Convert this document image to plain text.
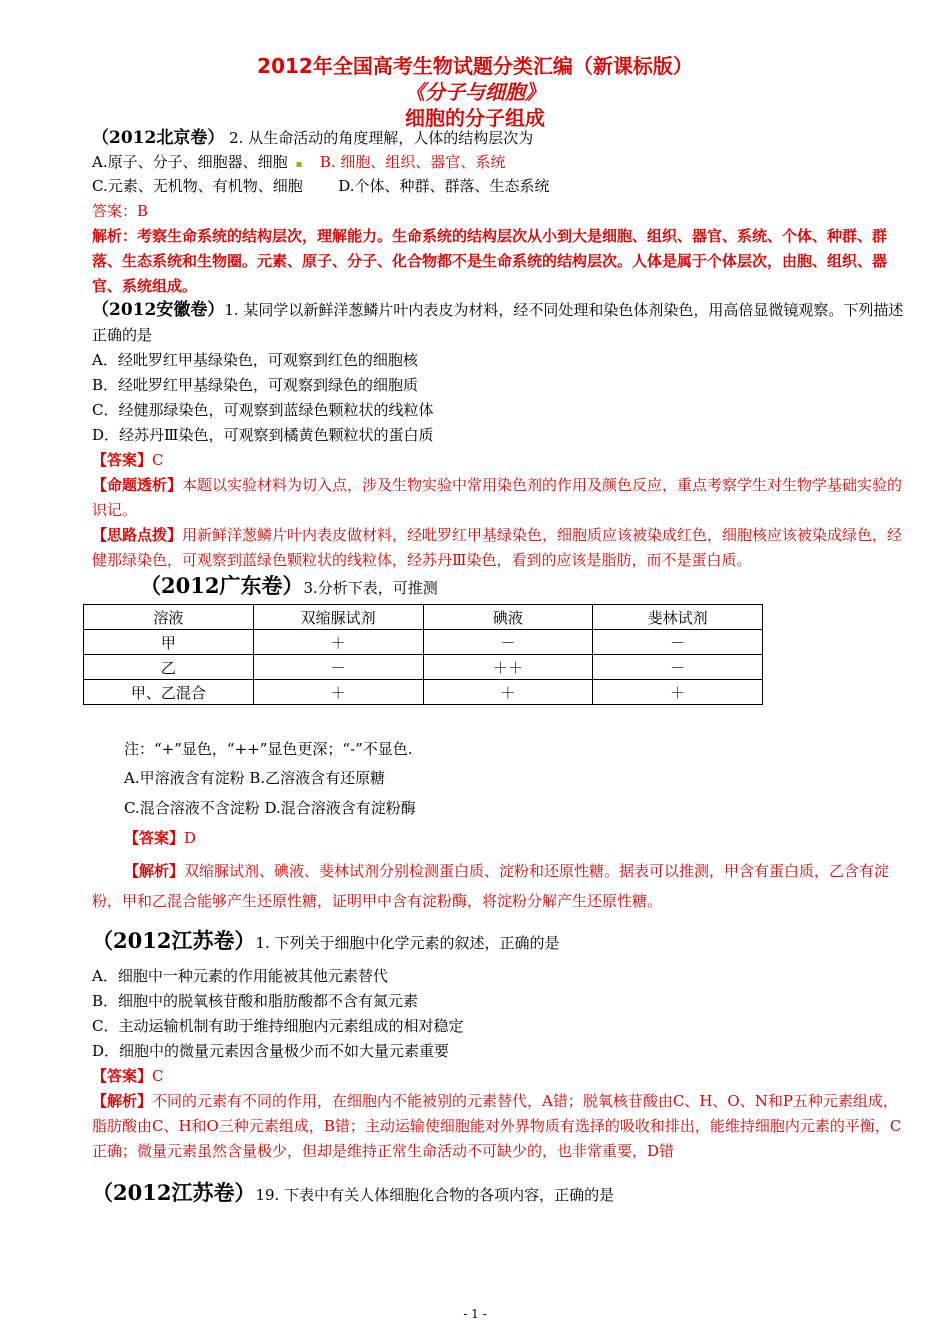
2012年全国高考生物试题分类汇编（新课标版）
《分子与细胞》
细胞的分子组成
（2012北京卷） 2. 从生命活动的角度理解，人体的结构层次为
A.原子、分子、细胞器、细胞  ▪     B. 细胞、组织、器官、系统
C.元素、无机物、有机物、细胞 D.个体、种群、群落、生态系统
答案：B
解析：考察生命系统的结构层次，理解能力。生命系统的结构层次从小到大是细胞、组织、器官、系统、个体、种群、群落、生态系统和生物圈。元素、原子、分子、化合物都不是生命系统的结构层次。人体是属于个体层次，由胞、组织、器官、系统组成。
（2012安徽卷）1. 某同学以新鲜洋葱鳞片叶内表皮为材料，经不同处理和染色体剂染色，用高倍显微镜观察。下列描述正确的是
A．经吡罗红甲基绿染色，可观察到红色的细胞核
B．经吡罗红甲基绿染色，可观察到绿色的细胞质
C．经健那绿染色，可观察到蓝绿色颗粒状的线粒体
D．经苏丹Ⅲ染色，可观察到橘黄色颗粒状的蛋白质
【答案】C
【命题透析】本题以实验材料为切入点，涉及生物实验中常用染色剂的作用及颜色反应，重点考察学生对生物学基础实验的识记。
【思路点拨】用新鲜洋葱鳞片叶内表皮做材料，经吡罗红甲基绿染色，细胞质应该被染成红色，细胞核应该被染成绿色，经健那绿染色，可观察到蓝绿色颗粒状的线粒体，经苏丹Ⅲ染色，看到的应该是脂肪，而不是蛋白质。
（2012广东卷）3.分析下表，可推测
溶液	双缩脲试剂	碘液	斐林试剂
甲	＋	－	－
乙	－	＋＋	－
甲、乙混合	＋	＋	＋
注：“+”显色，“++”显色更深；“-”不显色.
A.甲溶液含有淀粉 B.乙溶液含有还原糖
C.混合溶液不含淀粉 D.混合溶液含有淀粉酶
【答案】D
【解析】双缩脲试剂、碘液、斐林试剂分别检测蛋白质、淀粉和还原性糖。据表可以推测，甲含有蛋白质，乙含有淀粉，甲和乙混合能够产生还原性糖，证明甲中含有淀粉酶，将淀粉分解产生还原性糖。
（2012江苏卷）1. 下列关于细胞中化学元素的叙述，正确的是
A．细胞中一种元素的作用能被其他元素替代
B．细胞中的脱氧核苷酸和脂肪酸都不含有氮元素
C．主动运输机制有助于维持细胞内元素组成的相对稳定
D．细胞中的微量元素因含量极少而不如大量元素重要
【答案】C
【解析】不同的元素有不同的作用，在细胞内不能被别的元素替代，A错；脱氧核苷酸由C、H、O、N和P五种元素组成，脂肪酸由C、H和O三种元素组成，B错；主动运输使细胞能对外界物质有选择的吸收和排出，能维持细胞内元素的平衡，C正确；微量元素虽然含量极少，但却是维持正常生命活动不可缺少的，也非常重要，D错
（2012江苏卷）19. 下表中有关人体细胞化合物的各项内容，正确的是
- 1 -
